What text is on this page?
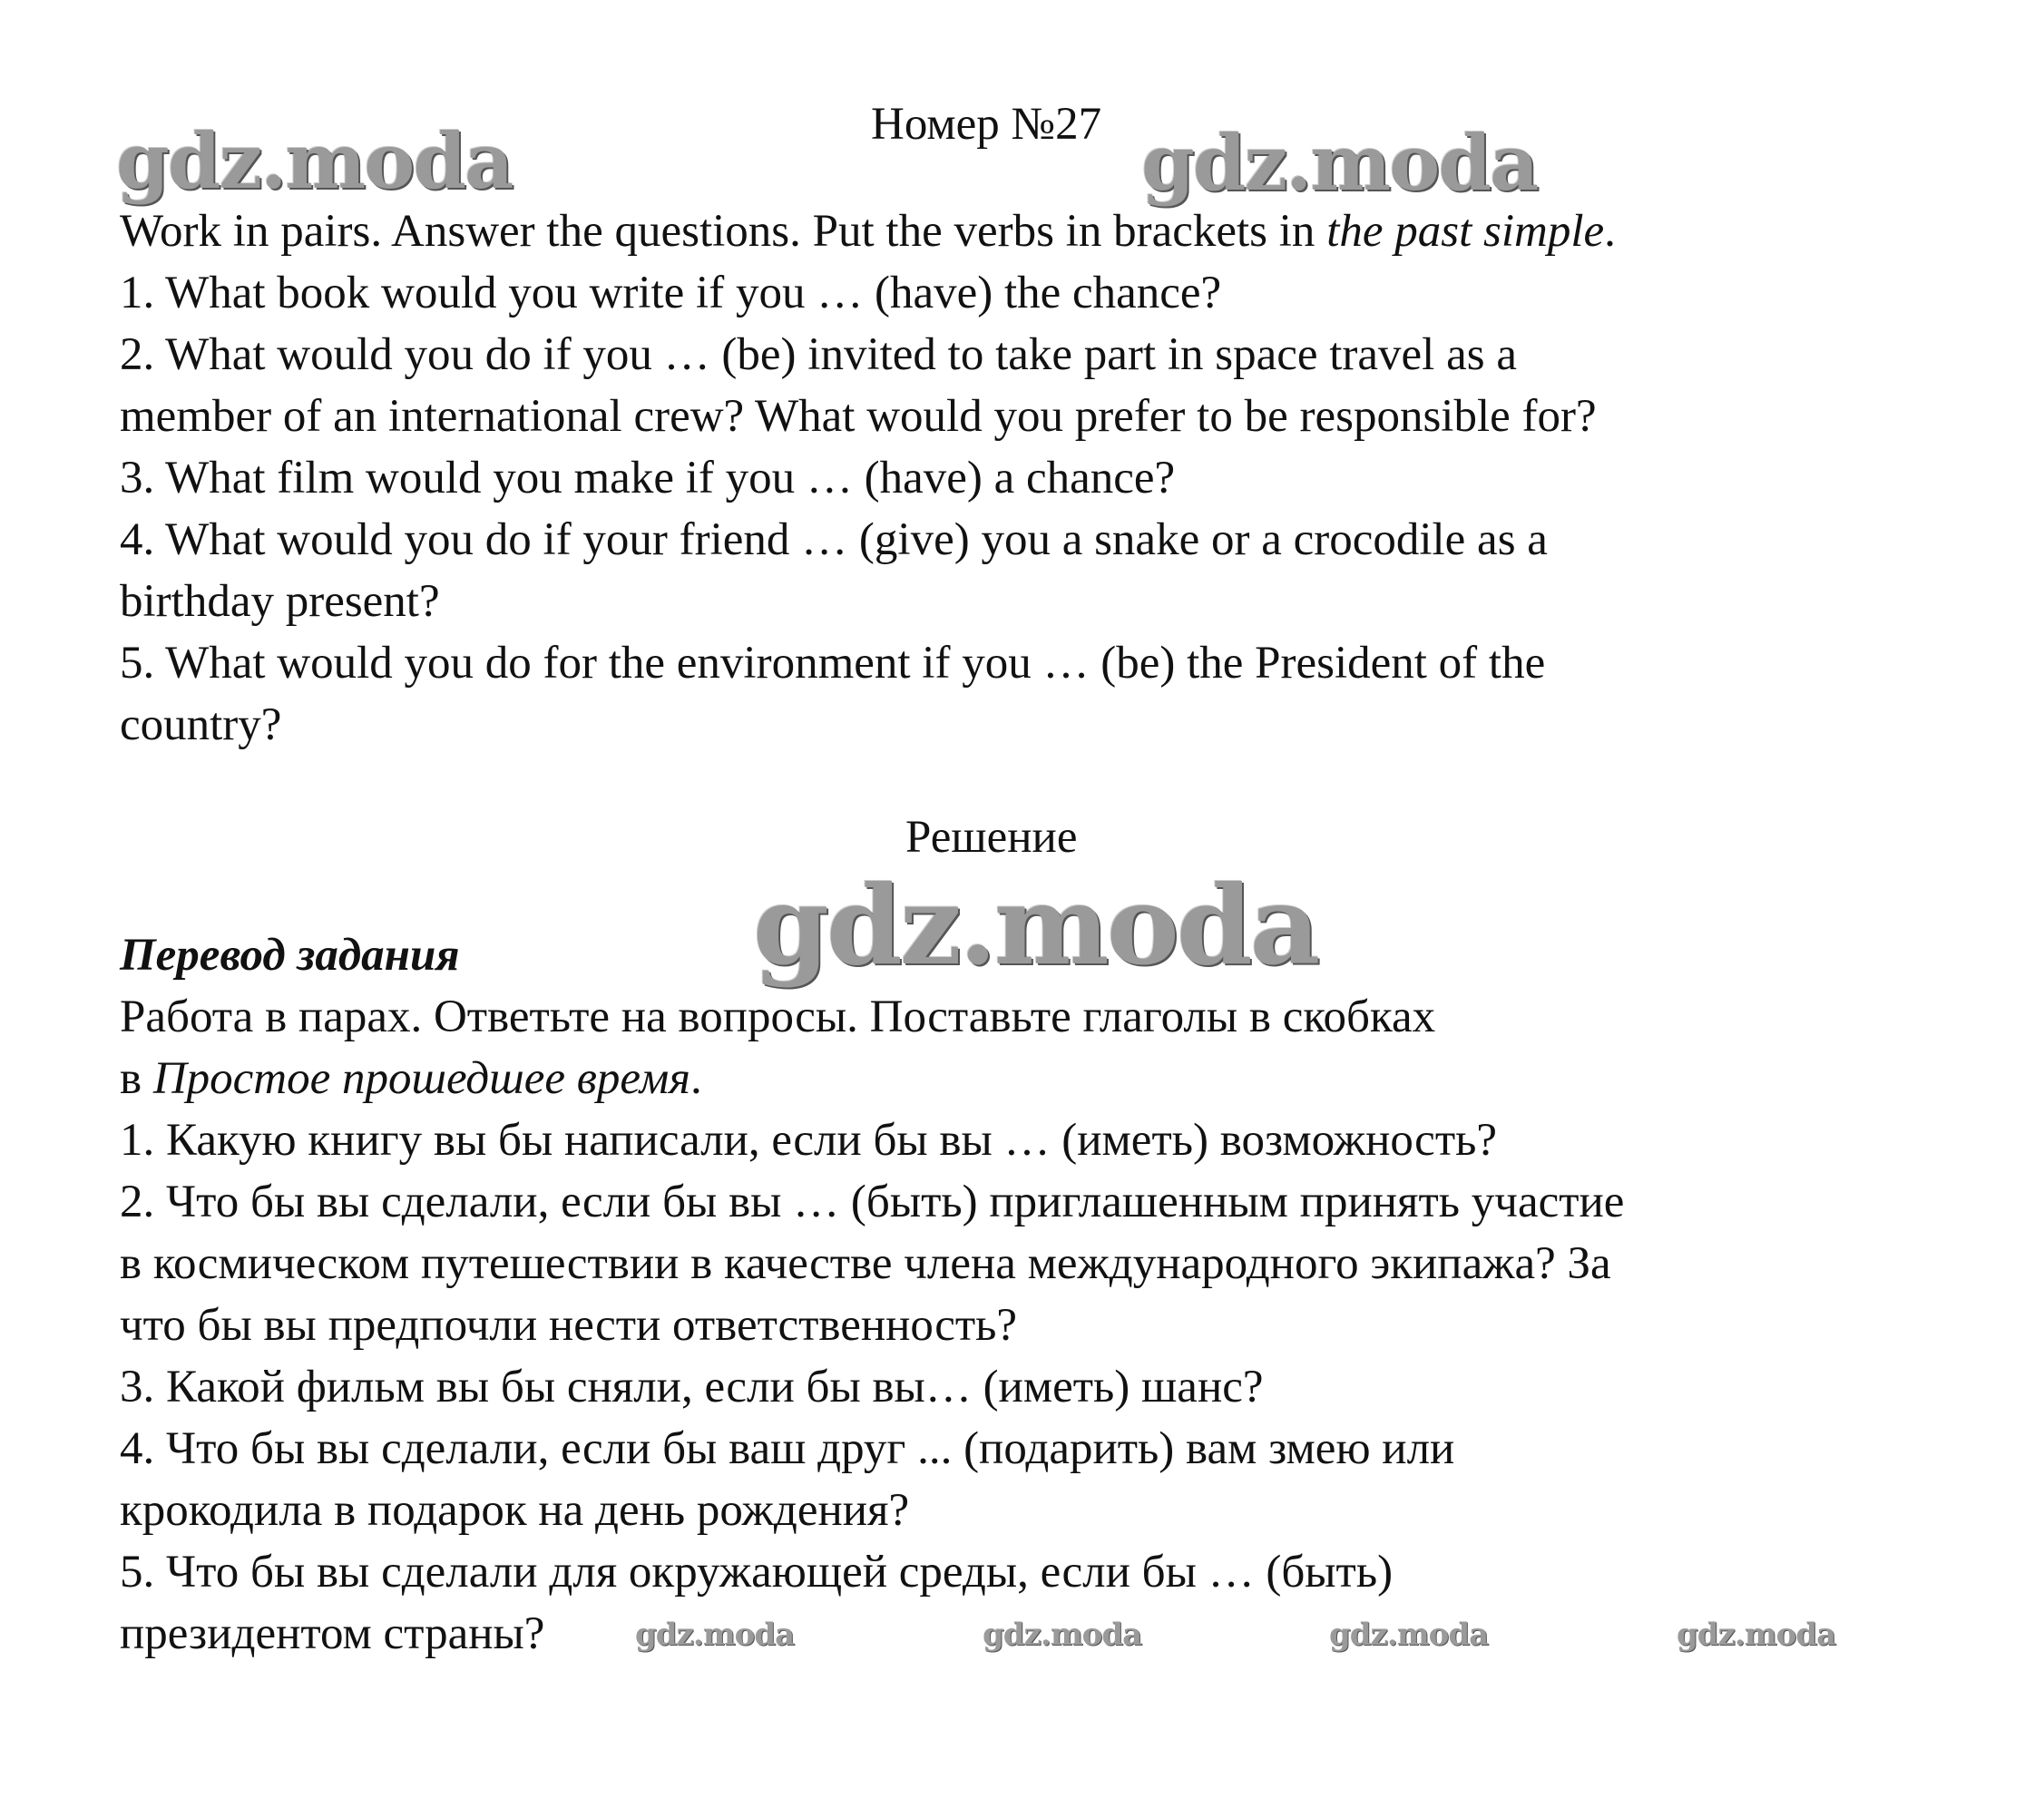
Номер №27
gdz.moda	gdz.moda
Work in pairs. Answer the questions. Put the verbs in brackets in the past simple.
1. What book would you write if you … (have) the chance?
2. What would you do if you … (be) invited to take part in space travel as a
member of an international crew? What would you prefer to be responsible for?
3. What film would you make if you … (have) a chance?
4. What would you do if your friend … (give) you a snake or a crocodile as a
birthday present?
5. What would you do for the environment if you … (be) the President of the
country?
Решение
gdz.moda
Перевод задания
Работа в парах. Ответьте на вопросы. Поставьте глаголы в скобках
в Простое прошедшее время.
1. Какую книгу вы бы написали, если бы вы … (иметь) возможность?
2. Что бы вы сделали, если бы вы … (быть) приглашенным принять участие
в космическом путешествии в качестве члена международного экипажа? За
что бы вы предпочли нести ответственность?
3. Какой фильм вы бы сняли, если бы вы… (иметь) шанс?
4. Что бы вы сделали, если бы ваш друг ... (подарить) вам змею или
крокодила в подарок на день рождения?
5. Что бы вы сделали для окружающей среды, если бы … (быть)
президентом страны?	gdz.moda	gdz.moda	gdz.moda	gdz.moda
